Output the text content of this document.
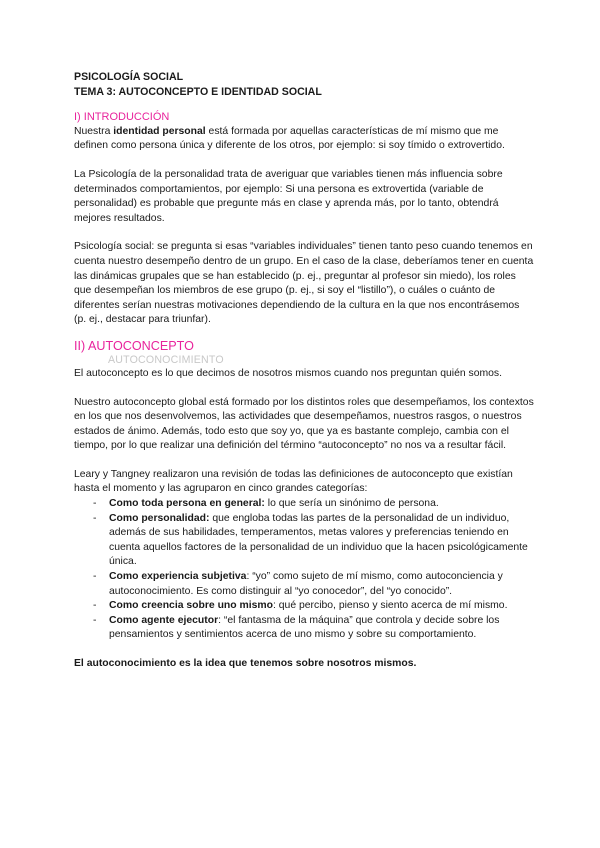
PSICOLOGÍA SOCIAL
TEMA 3: AUTOCONCEPTO E IDENTIDAD SOCIAL
I) INTRODUCCIÓN

Nuestra identidad personal está formada por aquellas características de mí mismo que me definen como persona única y diferente de los otros, por ejemplo: si soy tímido o extrovertido.

La Psicología de la personalidad trata de averiguar que variables tienen más influencia sobre determinados comportamientos, por ejemplo: Si una persona es extrovertida (variable de personalidad) es probable que pregunte más en clase y aprenda más, por lo tanto, obtendrá mejores resultados.

Psicología social: se pregunta si esas “variables individuales” tienen tanto peso cuando tenemos en cuenta nuestro desempeño dentro de un grupo. En el caso de la clase, deberíamos tener en cuenta las dinámicas grupales que se han establecido (p. ej., preguntar al profesor sin miedo), los roles que desempeñan los miembros de ese grupo (p. ej., si soy el “listillo”), o cuáles o cuánto de diferentes serían nuestras motivaciones dependiendo de la cultura en la que nos encontrásemos (p. ej., destacar para triunfar).

II) AUTOCONCEPTO
AUTOCONOCIMIENTO

El autoconcepto es lo que decimos de nosotros mismos cuando nos preguntan quién somos.

Nuestro autoconcepto global está formado por los distintos roles que desempeñamos, los contextos en los que nos desenvolvemos, las actividades que desempeñamos, nuestros rasgos, o nuestros estados de ánimo. Además, todo esto que soy yo, que ya es bastante complejo, cambia con el tiempo, por lo que realizar una definición del término “autoconcepto” no nos va a resultar fácil.

Leary y Tangney realizaron una revisión de todas las definiciones de autoconcepto que existían hasta el momento y las agruparon en cinco grandes categorías:

- Como toda persona en general: lo que sería un sinónimo de persona.
- Como personalidad: que engloba todas las partes de la personalidad de un individuo, además de sus habilidades, temperamentos, metas valores y preferencias teniendo en cuenta aquellos factores de la personalidad de un individuo que la hacen psicológicamente única.
- Como experiencia subjetiva: “yo” como sujeto de mí mismo, como autoconciencia y autoconocimiento. Es como distinguir al “yo conocedor”, del “yo conocido”.
- Como creencia sobre uno mismo: qué percibo, pienso y siento acerca de mí mismo.
- Como agente ejecutor: “el fantasma de la máquina” que controla y decide sobre los pensamientos y sentimientos acerca de uno mismo y sobre su comportamiento.

El autoconocimiento es la idea que tenemos sobre nosotros mismos.
